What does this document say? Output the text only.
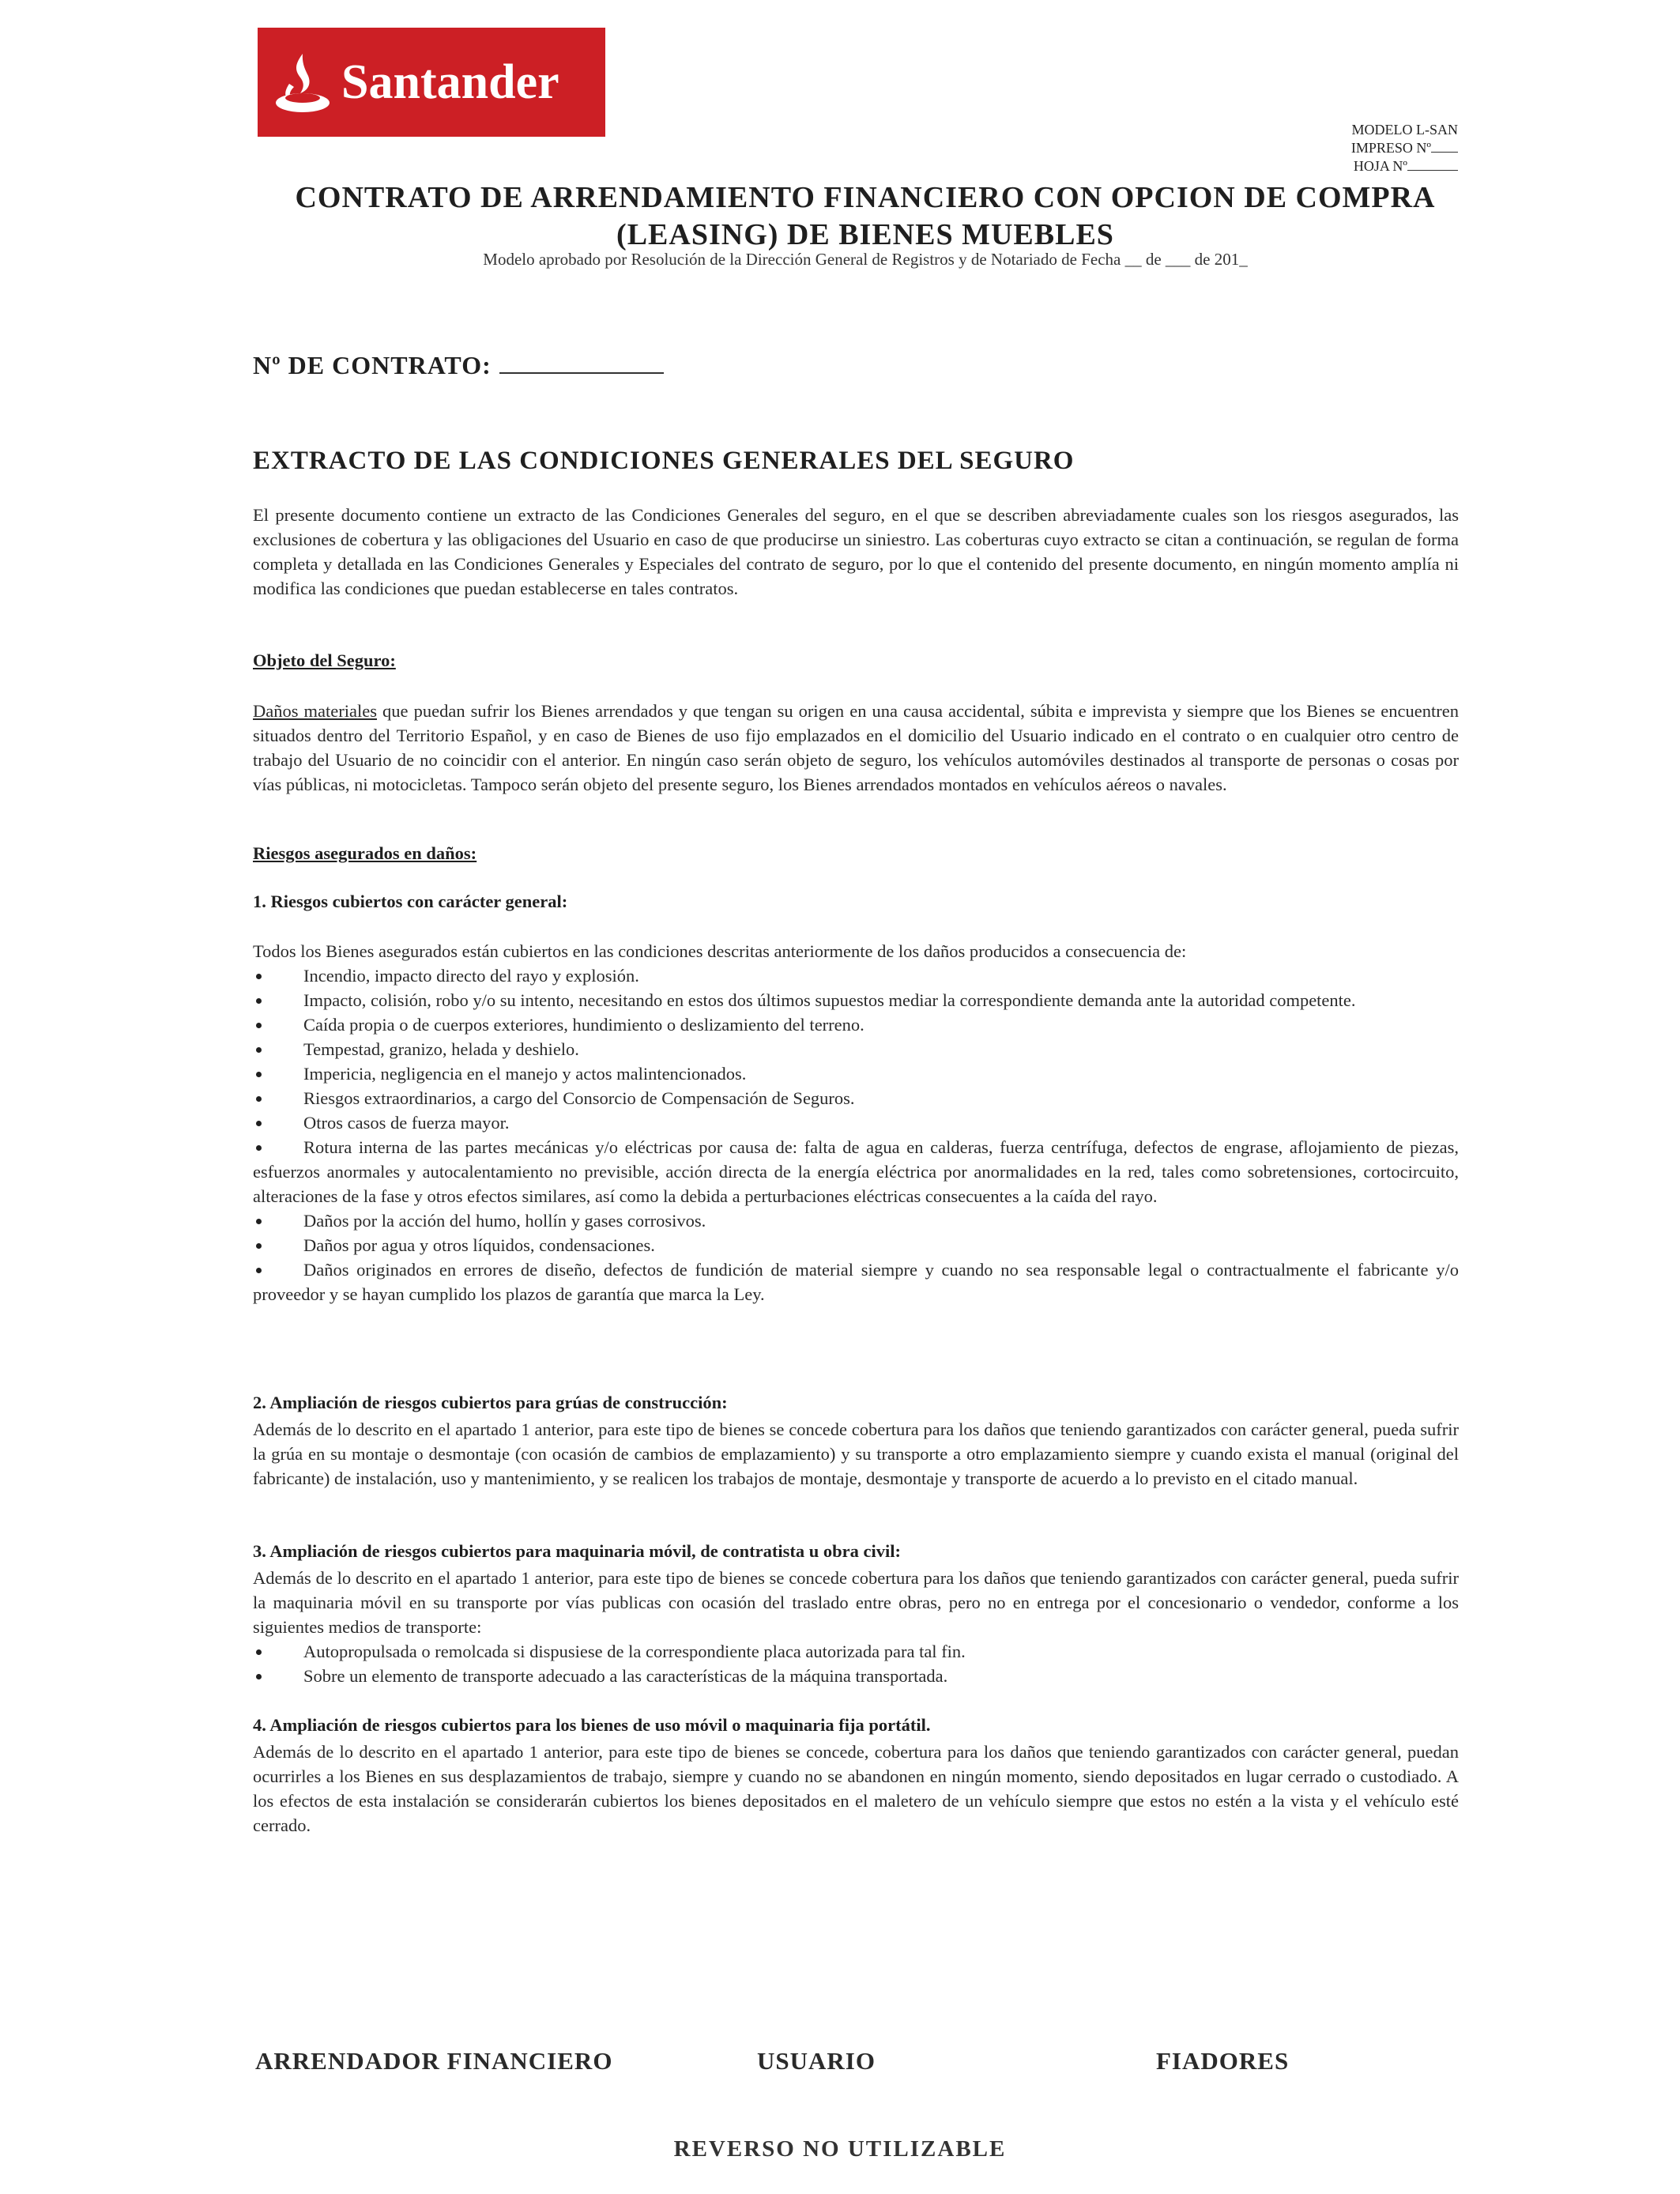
Santander
MODELO L-SAN
IMPRESO Nº
HOJA Nº
CONTRATO DE ARRENDAMIENTO FINANCIERO CON OPCION DE COMPRA
(LEASING) DE BIENES MUEBLES
Modelo aprobado por Resolución de la Dirección General de Registros y de Notariado de Fecha __ de ___ de 201_
Nº DE CONTRATO:
EXTRACTO DE LAS CONDICIONES GENERALES DEL SEGURO
El presente documento contiene un extracto de las Condiciones Generales del seguro, en el que se describen abreviadamente cuales son los riesgos asegurados, las exclusiones de cobertura y las obligaciones del Usuario en caso de que producirse un siniestro. Las coberturas cuyo extracto se citan a continuación, se regulan de forma completa y detallada en las Condiciones Generales y Especiales del contrato de seguro, por lo que el contenido del presente documento, en ningún momento amplía ni modifica las condiciones que puedan establecerse en tales contratos.
Objeto del Seguro:
Daños materiales que puedan sufrir los Bienes arrendados y que tengan su origen en una causa accidental, súbita e imprevista y siempre que los Bienes se encuentren situados dentro del Territorio Español, y en caso de Bienes de uso fijo emplazados en el domicilio del Usuario indicado en el contrato o en cualquier otro centro de trabajo del Usuario de no coincidir con el anterior. En ningún caso serán objeto de seguro, los vehículos automóviles destinados al transporte de personas o cosas por vías públicas, ni motocicletas. Tampoco serán objeto del presente seguro, los Bienes arrendados montados en vehículos aéreos o navales.
Riesgos asegurados en daños:
1. Riesgos cubiertos con carácter general:
Todos los Bienes asegurados están cubiertos en las condiciones descritas anteriormente de los daños producidos a consecuencia de:
Incendio, impacto directo del rayo y explosión.
Impacto, colisión, robo y/o su intento, necesitando en estos dos últimos supuestos mediar la correspondiente demanda ante la autoridad competente.
Caída propia o de cuerpos exteriores, hundimiento o deslizamiento del terreno.
Tempestad, granizo, helada y deshielo.
Impericia, negligencia en el manejo y actos malintencionados.
Riesgos extraordinarios, a cargo del Consorcio de Compensación de Seguros.
Otros casos de fuerza mayor.
Rotura interna de las partes mecánicas y/o eléctricas por causa de: falta de agua en calderas, fuerza centrífuga, defectos de engrase, aflojamiento de piezas, esfuerzos anormales y autocalentamiento no previsible, acción directa de la energía eléctrica por anormalidades en la red, tales como sobretensiones, cortocircuito, alteraciones de la fase y otros efectos similares, así como la debida a perturbaciones eléctricas consecuentes a la caída del rayo.
Daños por la acción del humo, hollín y gases corrosivos.
Daños por agua y otros líquidos, condensaciones.
Daños originados en errores de diseño, defectos de fundición de material siempre y cuando no sea responsable legal o contractualmente el fabricante y/o proveedor y se hayan cumplido los plazos de garantía que marca la Ley.
2. Ampliación de riesgos cubiertos para grúas de construcción:
Además de lo descrito en el apartado 1 anterior, para este tipo de bienes se concede cobertura para los daños que teniendo garantizados con carácter general, pueda sufrir la grúa en su montaje o desmontaje (con ocasión de cambios de emplazamiento) y su transporte a otro emplazamiento siempre y cuando exista el manual (original del fabricante) de instalación, uso y mantenimiento, y se realicen los trabajos de montaje, desmontaje y transporte de acuerdo a lo previsto en el citado manual.
3. Ampliación de riesgos cubiertos para maquinaria móvil, de contratista u obra civil:
Además de lo descrito en el apartado 1 anterior, para este tipo de bienes se concede cobertura para los daños que teniendo garantizados con carácter general, pueda sufrir la maquinaria móvil en su transporte por vías publicas con ocasión del traslado entre obras, pero no en entrega por el concesionario o vendedor, conforme a los siguientes medios de transporte:
Autopropulsada o remolcada si dispusiese de la correspondiente placa autorizada para tal fin.
Sobre un elemento de transporte adecuado a las características de la máquina transportada.
4. Ampliación de riesgos cubiertos para los bienes de uso móvil o maquinaria fija portátil.
Además de lo descrito en el apartado 1 anterior, para este tipo de bienes se concede, cobertura para los daños que teniendo garantizados con carácter general, puedan ocurrirles a los Bienes en sus desplazamientos de trabajo, siempre y cuando no se abandonen en ningún momento, siendo depositados en lugar cerrado o custodiado. A los efectos de esta instalación se considerarán cubiertos los bienes depositados en el maletero de un vehículo siempre que estos no estén a la vista y el vehículo esté cerrado.
ARRENDADOR FINANCIERO	USUARIO	FIADORES
REVERSO NO UTILIZABLE
